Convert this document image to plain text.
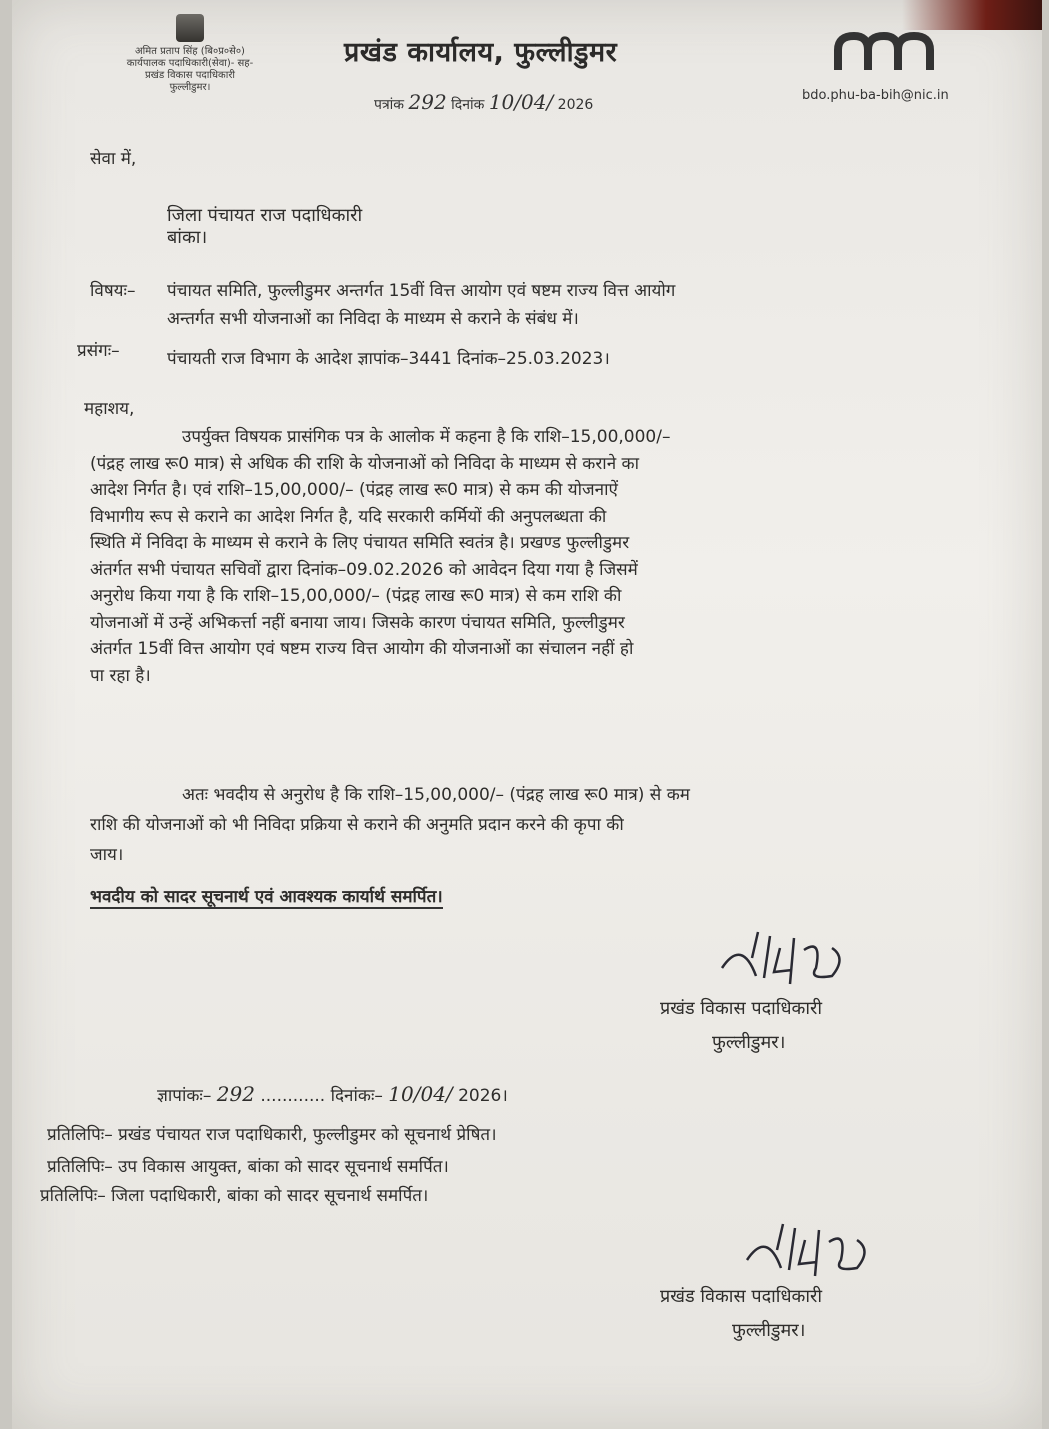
अमित प्रताप सिंह (बि०प्र०से०)
कार्यपालक पदाधिकारी(सेवा)- सह-
प्रखंड विकास पदाधिकारी
फुल्लीडुमर।
प्रखंड कार्यालय, फुल्लीडुमर
पत्रांक 292 दिनांक 10/04/ 2026
bdo.phu-ba-bih@nic.in
सेवा में,
जिला पंचायत राज पदाधिकारी
बांका।
विषयः– पंचायत समिति, फुल्लीडुमर अन्तर्गत 15वीं वित्त आयोग एवं षष्टम राज्य वित्त आयोग
अन्तर्गत सभी योजनाओं का निविदा के माध्यम से कराने के संबंध में।
प्रसंगः–	पंचायती राज विभाग के आदेश ज्ञापांक–3441 दिनांक–25.03.2023।
महाशय,
उपर्युक्त विषयक प्रासंगिक पत्र के आलोक में कहना है कि राशि–15,00,000/–
(पंद्रह लाख रू0 मात्र) से अधिक की राशि के योजनाओं को निविदा के माध्यम से कराने का
आदेश निर्गत है। एवं राशि–15,00,000/– (पंद्रह लाख रू0 मात्र) से कम की योजनाऐं
विभागीय रूप से कराने का आदेश निर्गत है, यदि सरकारी कर्मियों की अनुपलब्धता की
स्थिति में निविदा के माध्यम से कराने के लिए पंचायत समिति स्वतंत्र है। प्रखण्ड फुल्लीडुमर
अंतर्गत सभी पंचायत सचिवों द्वारा दिनांक–09.02.2026 को आवेदन दिया गया है जिसमें
अनुरोध किया गया है कि राशि–15,00,000/– (पंद्रह लाख रू0 मात्र) से कम राशि की
योजनाओं में उन्हें अभिकर्त्ता नहीं बनाया जाय। जिसके कारण पंचायत समिति, फुल्लीडुमर
अंतर्गत 15वीं वित्त आयोग एवं षष्टम राज्य वित्त आयोग की योजनाओं का संचालन नहीं हो
पा रहा है।
अतः भवदीय से अनुरोध है कि राशि–15,00,000/– (पंद्रह लाख रू0 मात्र) से कम
राशि की योजनाओं को भी निविदा प्रक्रिया से कराने की अनुमति प्रदान करने की कृपा की
जाय।
भवदीय को सादर सूचनार्थ एवं आवश्यक कार्यार्थ समर्पित।
प्रखंड विकास पदाधिकारी
फुल्लीडुमर।
ज्ञापांकः– 292 ............ दिनांकः– 10/04/ 2026।
प्रतिलिपिः– प्रखंड पंचायत राज पदाधिकारी, फुल्लीडुमर को सूचनार्थ प्रेषित।
प्रतिलिपिः– उप विकास आयुक्त, बांका को सादर सूचनार्थ समर्पित।
प्रतिलिपिः– जिला पदाधिकारी, बांका को सादर सूचनार्थ समर्पित।
प्रखंड विकास पदाधिकारी
फुल्लीडुमर।
